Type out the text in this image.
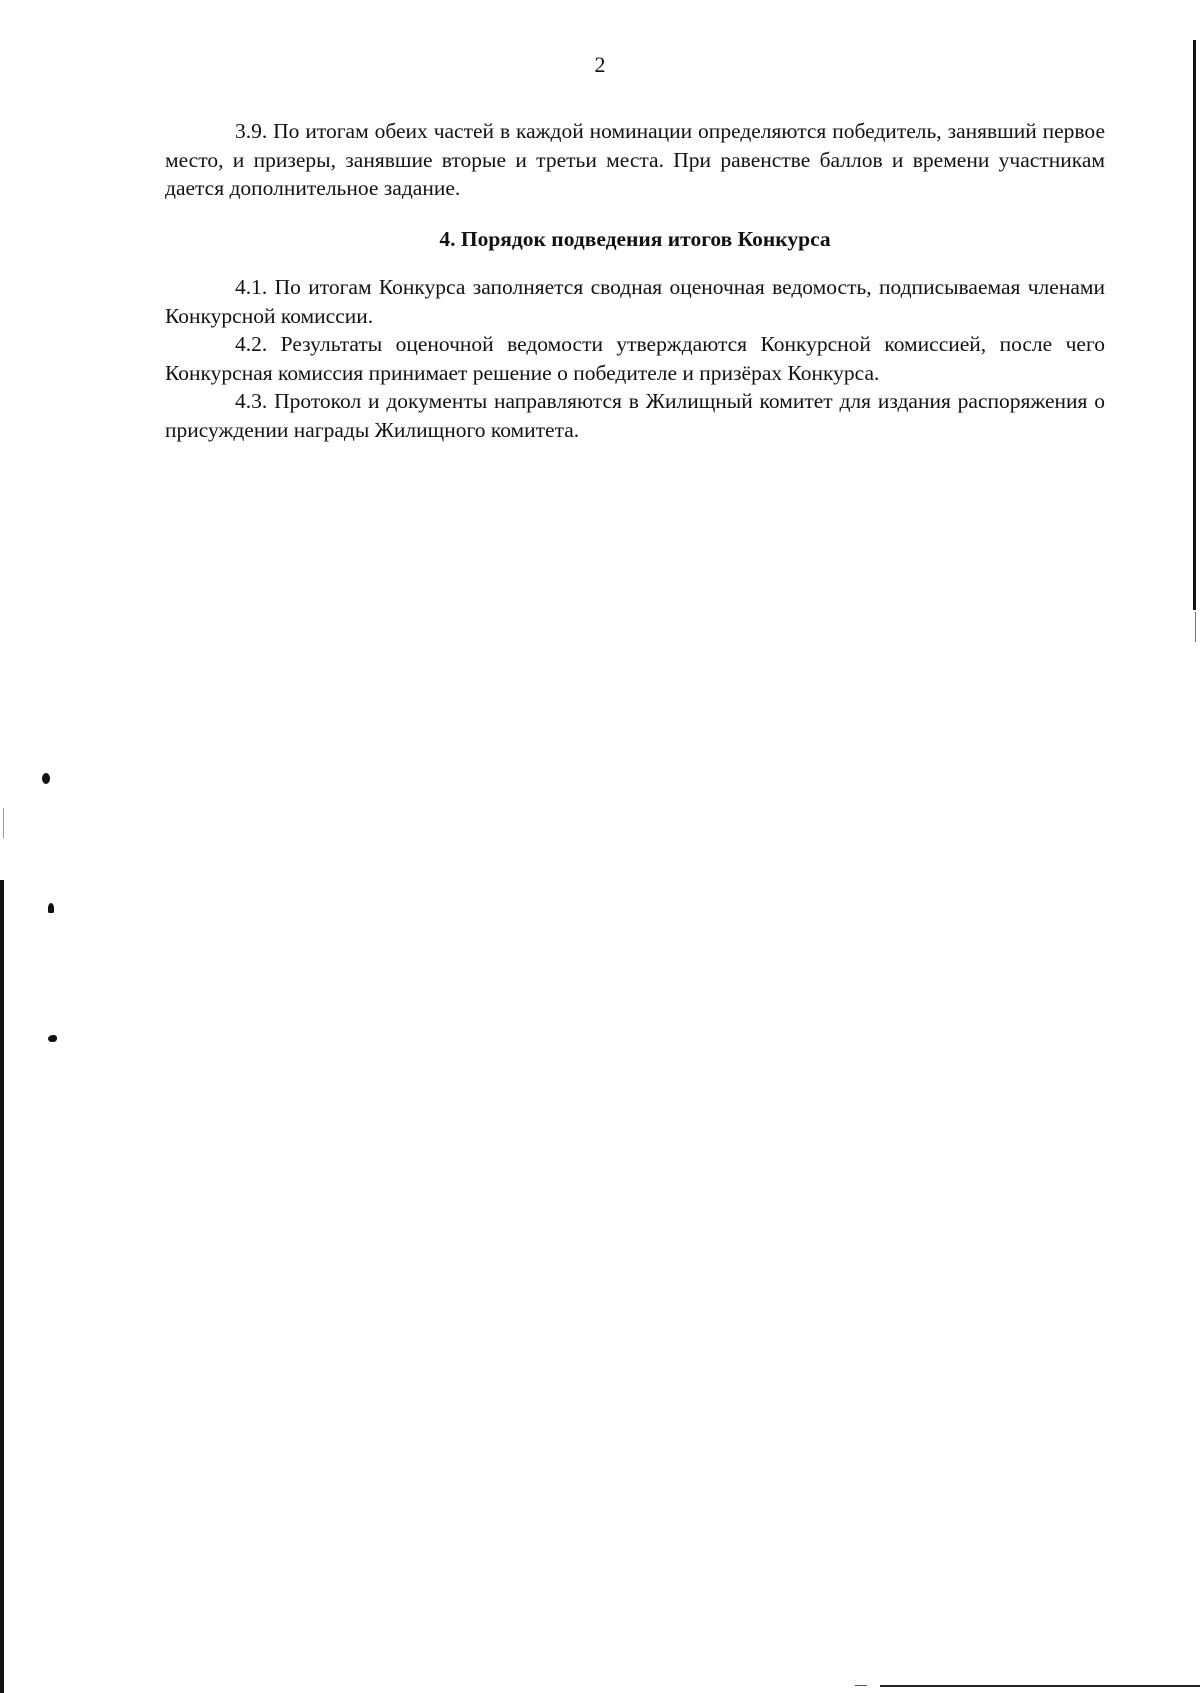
2

3.9. По итогам обеих частей в каждой номинации определяются победитель, занявший первое место, и призеры, занявшие вторые и третьи места. При равенстве баллов и времени участникам дается дополнительное задание.

4. Порядок подведения итогов Конкурса

4.1. По итогам Конкурса заполняется сводная оценочная ведомость, подписываемая членами Конкурсной комиссии.

4.2. Результаты оценочной ведомости утверждаются Конкурсной комиссией, после чего Конкурсная комиссия принимает решение о победителе и призёрах Конкурса.

4.3. Протокол и документы направляются в Жилищный комитет для издания распоряжения о присуждении награды Жилищного комитета.
